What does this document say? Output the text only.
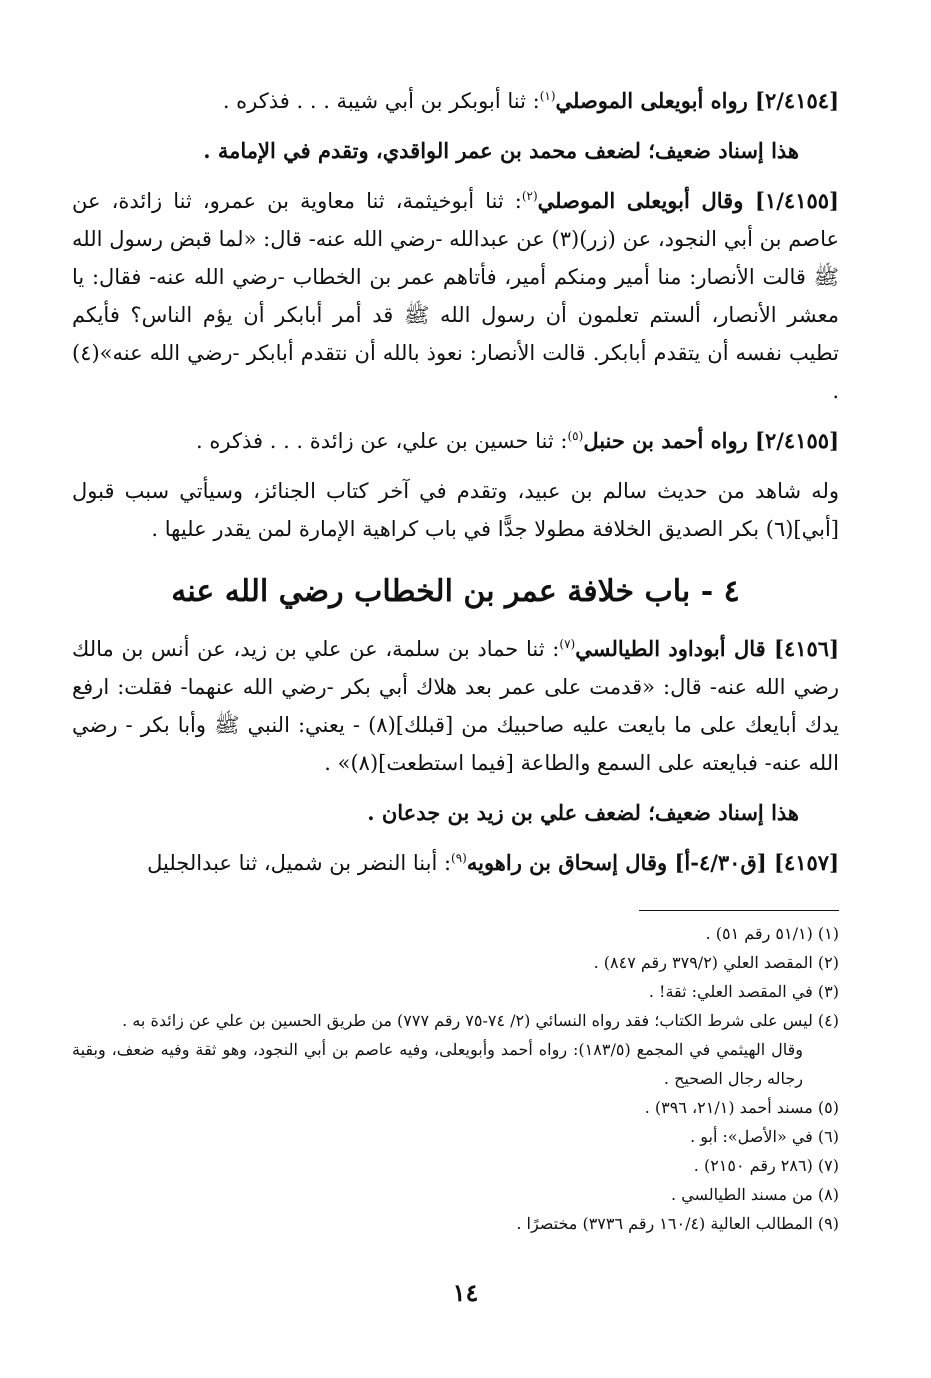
[٢/٤١٥٤] رواه أبويعلى الموصلي$^{(١)}$: ثنا أبوبكر بن أبي شيبة . . . فذكره .

هذا إسناد ضعيف؛ لضعف محمد بن عمر الواقدي، وتقدم في الإمامة .

[١/٤١٥٥] وقال أبويعلى الموصلي$^{(٢)}$: ثنا أبوخيثمة، ثنا معاوية بن عمرو، ثنا زائدة، عن عاصم بن أبي النجود، عن (زر)(٣) عن عبدالله -رضي الله عنه- قال: «لما قبض رسول الله ﷺ قالت الأنصار: منا أمير ومنكم أمير، فأتاهم عمر بن الخطاب -رضي الله عنه- فقال: يا معشر الأنصار، ألستم تعلمون أن رسول الله ﷺ قد أمر أبابكر أن يؤم الناس؟ فأيكم تطيب نفسه أن يتقدم أبابكر. قالت الأنصار: نعوذ بالله أن نتقدم أبابكر -رضي الله عنه»(٤) .

[٢/٤١٥٥] رواه أحمد بن حنبل$^{(٥)}$: ثنا حسين بن علي، عن زائدة . . . فذكره .

وله شاهد من حديث سالم بن عبيد، وتقدم في آخر كتاب الجنائز، وسيأتي سبب قبول [أبي](٦) بكر الصديق الخلافة مطولا جدًّا في باب كراهية الإمارة لمن يقدر عليها .

٤ - باب خلافة عمر بن الخطاب رضي الله عنه

[٤١٥٦] قال أبوداود الطيالسي$^{(٧)}$: ثنا حماد بن سلمة، عن علي بن زيد، عن أنس بن مالك رضي الله عنه- قال: «قدمت على عمر بعد هلاك أبي بكر -رضي الله عنهما- فقلت: ارفع يدك أبايعك على ما بايعت عليه صاحبيك من [قبلك](٨) - يعني: النبي ﷺ وأبا بكر - رضي الله عنه- فبايعته على السمع والطاعة [فيما استطعت](٨)» .

هذا إسناد ضعيف؛ لضعف علي بن زيد بن جدعان .

[٤١٥٧] [ق٤/٣٠-أ] وقال إسحاق بن راهويه$^{(٩)}$: أبنا النضر بن شميل، ثنا عبدالجليل

(١) (٥١/١ رقم ٥١) .
(٢) المقصد العلي (٣٧٩/٢ رقم ٨٤٧) .
(٣) في المقصد العلي: ثقة! .
(٤) ليس على شرط الكتاب؛ فقد رواه النسائي (٢/ ٧٤-٧٥ رقم ٧٧٧) من طريق الحسين بن علي عن زائدة به .
وقال الهيثمي في المجمع (١٨٣/٥): رواه أحمد وأبويعلى، وفيه عاصم بن أبي النجود، وهو ثقة وفيه ضعف، وبقية رجاله رجال الصحيح .
(٥) مسند أحمد (٢١/١، ٣٩٦) .
(٦) في «الأصل»: أبو .
(٧) (٢٨٦ رقم ٢١٥٠) .
(٨) من مسند الطيالسي .
(٩) المطالب العالية (١٦٠/٤ رقم ٣٧٣٦) مختصرًا .
١٤
